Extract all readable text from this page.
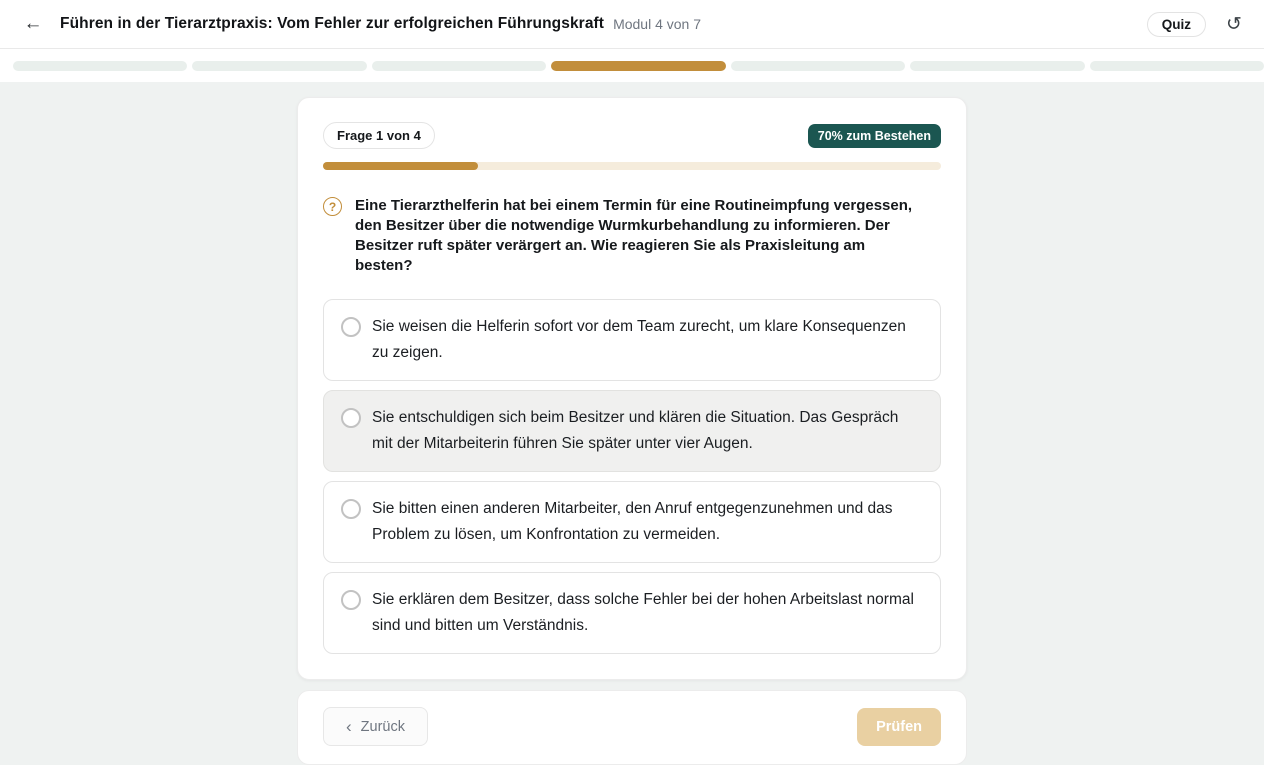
←	Führen in der Tierarztpraxis: Vom Fehler zur erfolgreichen Führungskraft Modul 4 von 7	Quiz	↺
Frage 1 von 4	70% zum Bestehen
?	Eine Tierarzthelferin hat bei einem Termin für eine Routineimpfung vergessen, den Besitzer über die notwendige Wurmkurbehandlung zu informieren. Der Besitzer ruft später verärgert an. Wie reagieren Sie als Praxisleitung am besten?

Sie weisen die Helferin sofort vor dem Team zurecht, um klare Konsequenzen zu zeigen.
Sie entschuldigen sich beim Besitzer und klären die Situation. Das Gespräch mit der Mitarbeiterin führen Sie später unter vier Augen.
Sie bitten einen anderen Mitarbeiter, den Anruf entgegenzunehmen und das Problem zu lösen, um Konfrontation zu vermeiden.
Sie erklären dem Besitzer, dass solche Fehler bei der hohen Arbeitslast normal sind und bitten um Verständnis.
‹ Zurück	Prüfen
